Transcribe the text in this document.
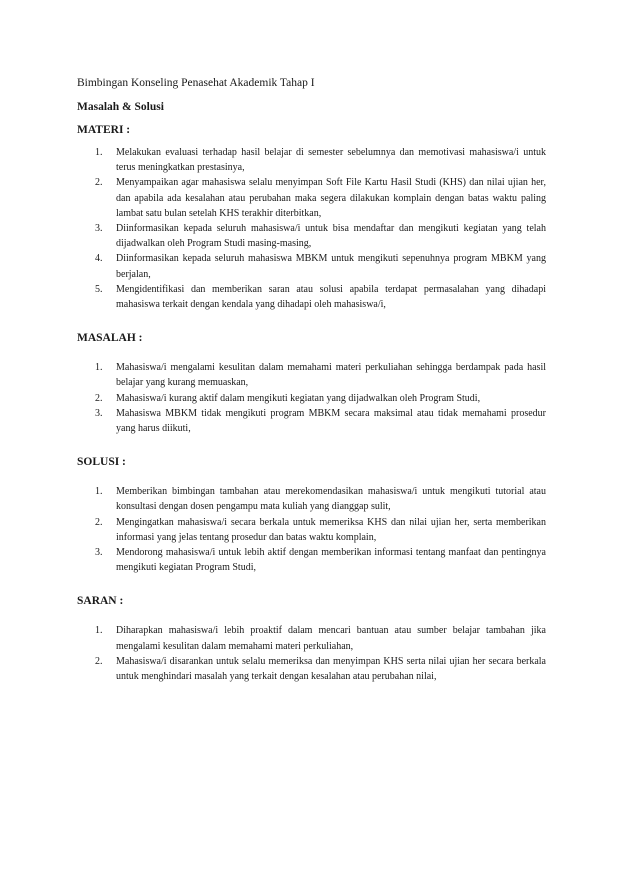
Bimbingan Konseling Penasehat Akademik Tahap I

Masalah & Solusi

MATERI :

1. Melakukan evaluasi terhadap hasil belajar di semester sebelumnya dan memotivasi mahasiswa/i untuk terus meningkatkan prestasinya,
2. Menyampaikan agar mahasiswa selalu menyimpan Soft File Kartu Hasil Studi (KHS) dan nilai ujian her, dan apabila ada kesalahan atau perubahan maka segera dilakukan komplain dengan batas waktu paling lambat satu bulan setelah KHS terakhir diterbitkan,
3. Diinformasikan kepada seluruh mahasiswa/i untuk bisa mendaftar dan mengikuti kegiatan yang telah dijadwalkan oleh Program Studi masing-masing,
4. Diinformasikan kepada seluruh mahasiswa MBKM untuk mengikuti sepenuhnya program MBKM yang berjalan,
5. Mengidentifikasi dan memberikan saran atau solusi apabila terdapat permasalahan yang dihadapi mahasiswa terkait dengan kendala yang dihadapi oleh mahasiswa/i,

MASALAH :

1. Mahasiswa/i mengalami kesulitan dalam memahami materi perkuliahan sehingga berdampak pada hasil belajar yang kurang memuaskan,
2. Mahasiswa/i kurang aktif dalam mengikuti kegiatan yang dijadwalkan oleh Program Studi,
3. Mahasiswa MBKM tidak mengikuti program MBKM secara maksimal atau tidak memahami prosedur yang harus diikuti,

SOLUSI :

1. Memberikan bimbingan tambahan atau merekomendasikan mahasiswa/i untuk mengikuti tutorial atau konsultasi dengan dosen pengampu mata kuliah yang dianggap sulit,
2. Mengingatkan mahasiswa/i secara berkala untuk memeriksa KHS dan nilai ujian her, serta memberikan informasi yang jelas tentang prosedur dan batas waktu komplain,
3. Mendorong mahasiswa/i untuk lebih aktif dengan memberikan informasi tentang manfaat dan pentingnya mengikuti kegiatan Program Studi,

SARAN :

1. Diharapkan mahasiswa/i lebih proaktif dalam mencari bantuan atau sumber belajar tambahan jika mengalami kesulitan dalam memahami materi perkuliahan,
2. Mahasiswa/i disarankan untuk selalu memeriksa dan menyimpan KHS serta nilai ujian her secara berkala untuk menghindari masalah yang terkait dengan kesalahan atau perubahan nilai,
